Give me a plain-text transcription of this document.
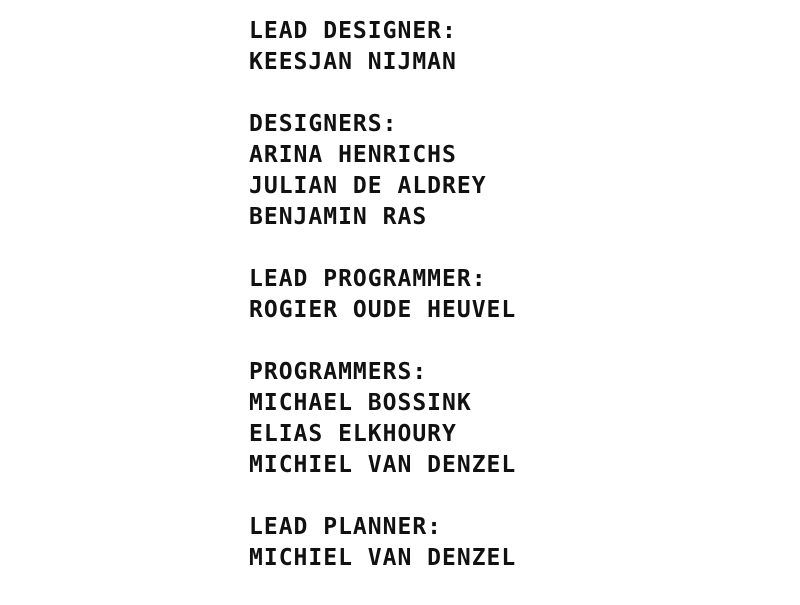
LEAD DESIGNER:
KEESJAN NIJMAN
DESIGNERS:
ARINA HENRICHS
JULIAN DE ALDREY
BENJAMIN RAS
LEAD PROGRAMMER:
ROGIER OUDE HEUVEL
PROGRAMMERS:
MICHAEL BOSSINK
ELIAS ELKHOURY
MICHIEL VAN DENZEL
LEAD PLANNER:
MICHIEL VAN DENZEL
